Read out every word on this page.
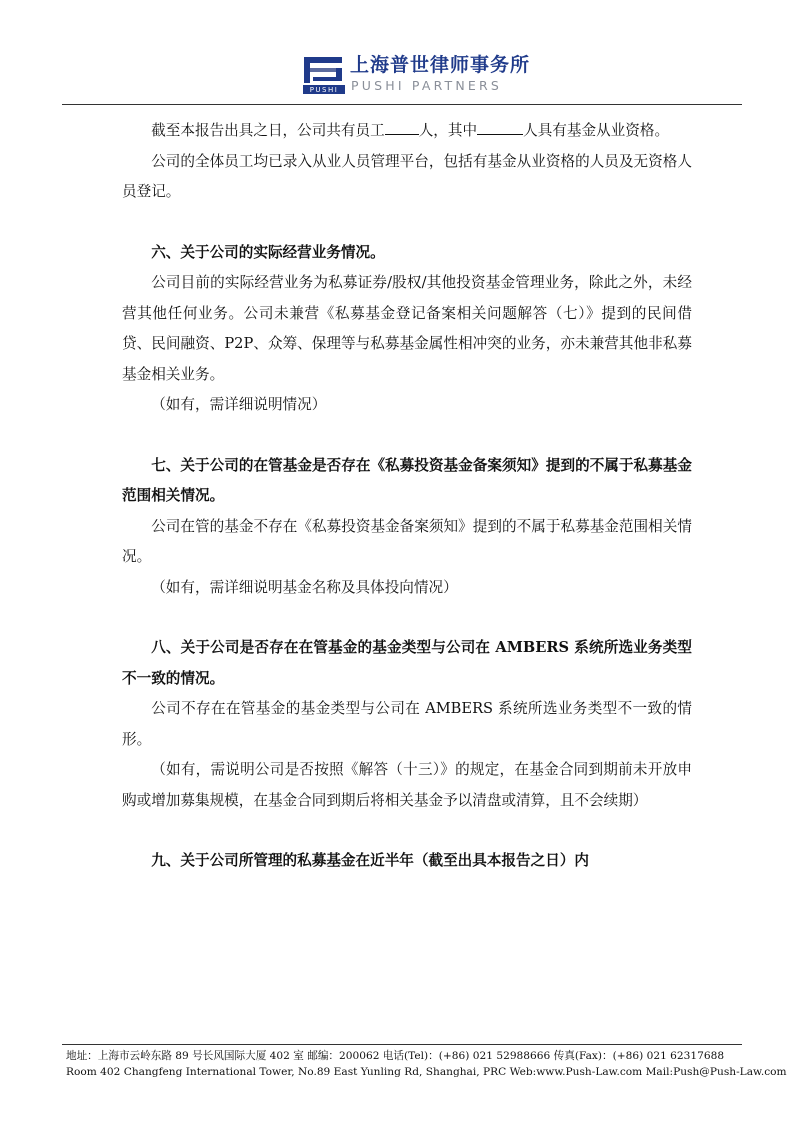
PUSHI
上海普世律师事务所
PUSHI PARTNERS

截至本报告出具之日，公司共有员工 人，其中	人具有基金从业资格。

公司的全体员工均已录入从业人员管理平台，包括有基金从业资格的人员及无资格人员登记。

六、关于公司的实际经营业务情况。

公司目前的实际经营业务为私募证券/股权/其他投资基金管理业务，除此之外，未经营其他任何业务。公司未兼营《私募基金登记备案相关问题解答（七）》提到的民间借贷、民间融资、P2P、众筹、保理等与私募基金属性相冲突的业务，亦未兼营其他非私募基金相关业务。

（如有，需详细说明情况）

七、关于公司的在管基金是否存在《私募投资基金备案须知》提到的不属于私募基金范围相关情况。

公司在管的基金不存在《私募投资基金备案须知》提到的不属于私募基金范围相关情况。

（如有，需详细说明基金名称及具体投向情况）

八、关于公司是否存在在管基金的基金类型与公司在 AMBERS 系统所选业务类型不一致的情况。

公司不存在在管基金的基金类型与公司在 AMBERS 系统所选业务类型不一致的情形。

（如有，需说明公司是否按照《解答（十三）》的规定，在基金合同到期前未开放申购或增加募集规模，在基金合同到期后将相关基金予以清盘或清算，且不会续期）

九、关于公司所管理的私募基金在近半年（截至出具本报告之日）内
地址：上海市云岭东路 89 号长风国际大厦 402 室 邮编：200062 电话(Tel)：(+86) 021 52988666 传真(Fax)：(+86) 021 62317688
Room 402 Changfeng International Tower, No.89 East Yunling Rd, Shanghai, PRC Web:www.Push-Law.com Mail:Push@Push-Law.com
